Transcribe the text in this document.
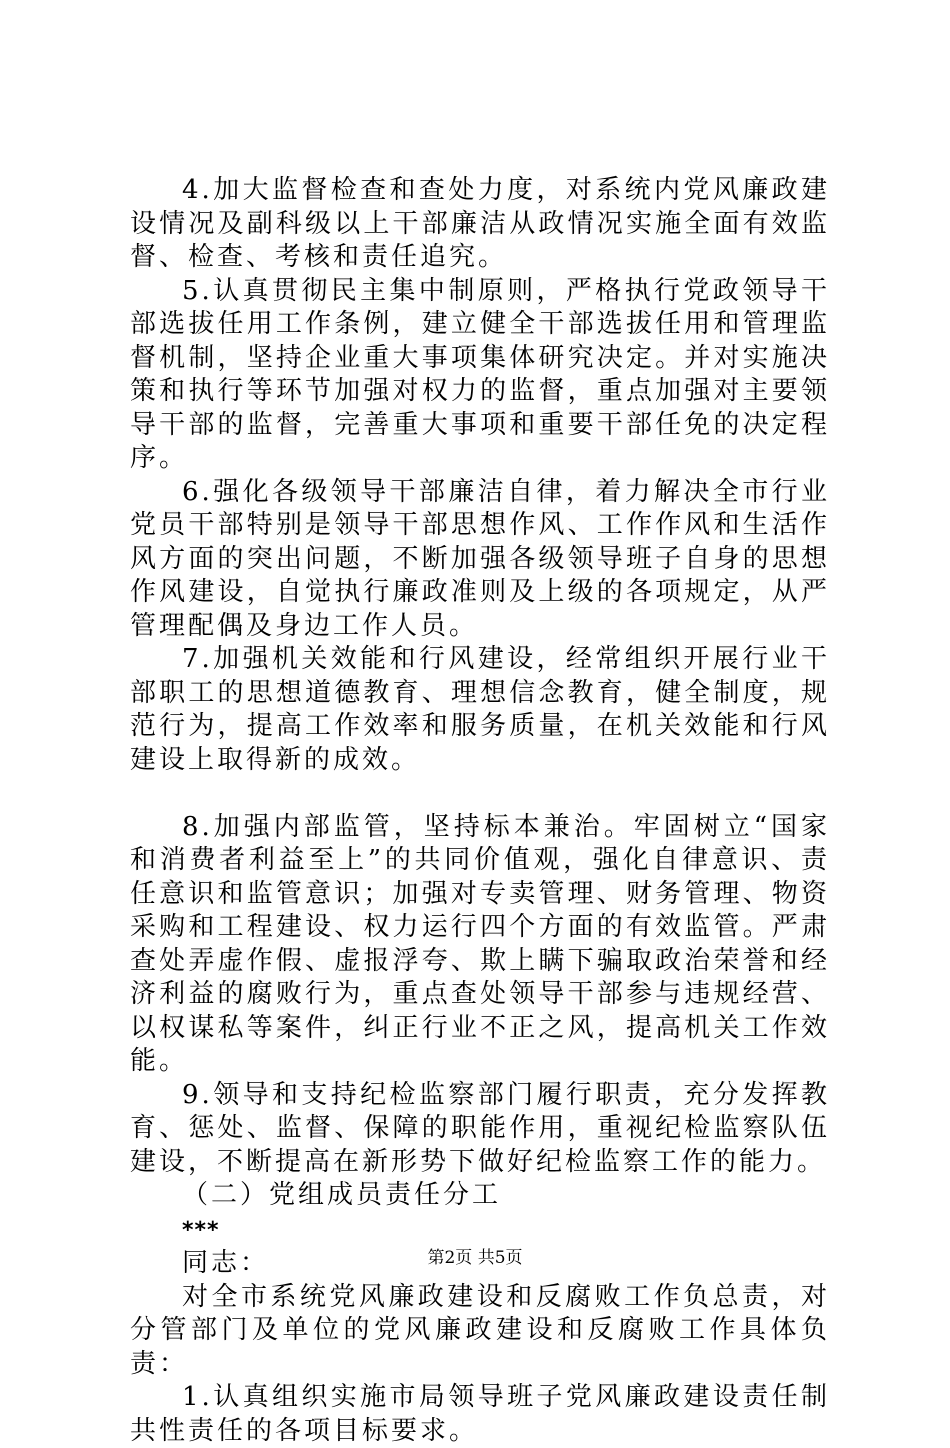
4.加大监督检查和查处力度，对系统内党风廉政建设情况及副科级以上干部廉洁从政情况实施全面有效监督、检查、考核和责任追究。

5.认真贯彻民主集中制原则，严格执行党政领导干部选拔任用工作条例，建立健全干部选拔任用和管理监督机制，坚持企业重大事项集体研究决定。并对实施决策和执行等环节加强对权力的监督，重点加强对主要领导干部的监督，完善重大事项和重要干部任免的决定程序。

6.强化各级领导干部廉洁自律，着力解决全市行业党员干部特别是领导干部思想作风、工作作风和生活作风方面的突出问题，不断加强各级领导班子自身的思想作风建设，自觉执行廉政准则及上级的各项规定，从严管理配偶及身边工作人员。

7.加强机关效能和行风建设，经常组织开展行业干部职工的思想道德教育、理想信念教育，健全制度，规范行为，提高工作效率和服务质量，在机关效能和行风建设上取得新的成效。

8.加强内部监管，坚持标本兼治。牢固树立“国家和消费者利益至上”的共同价值观，强化自律意识、责任意识和监管意识；加强对专卖管理、财务管理、物资采购和工程建设、权力运行四个方面的有效监管。严肃查处弄虚作假、虚报浮夸、欺上瞒下骗取政治荣誉和经济利益的腐败行为，重点查处领导干部参与违规经营、以权谋私等案件，纠正行业不正之风，提高机关工作效能。

9.领导和支持纪检监察部门履行职责，充分发挥教育、惩处、监督、保障的职能作用，重视纪检监察队伍建设，不断提高在新形势下做好纪检监察工作的能力。

（二）党组成员责任分工

***

同志：

对全市系统党风廉政建设和反腐败工作负总责，对分管部门及单位的党风廉政建设和反腐败工作具体负责：

1.认真组织实施市局领导班子党风廉政建设责任制共性责任的各项目标要求。

第2页 共5页
